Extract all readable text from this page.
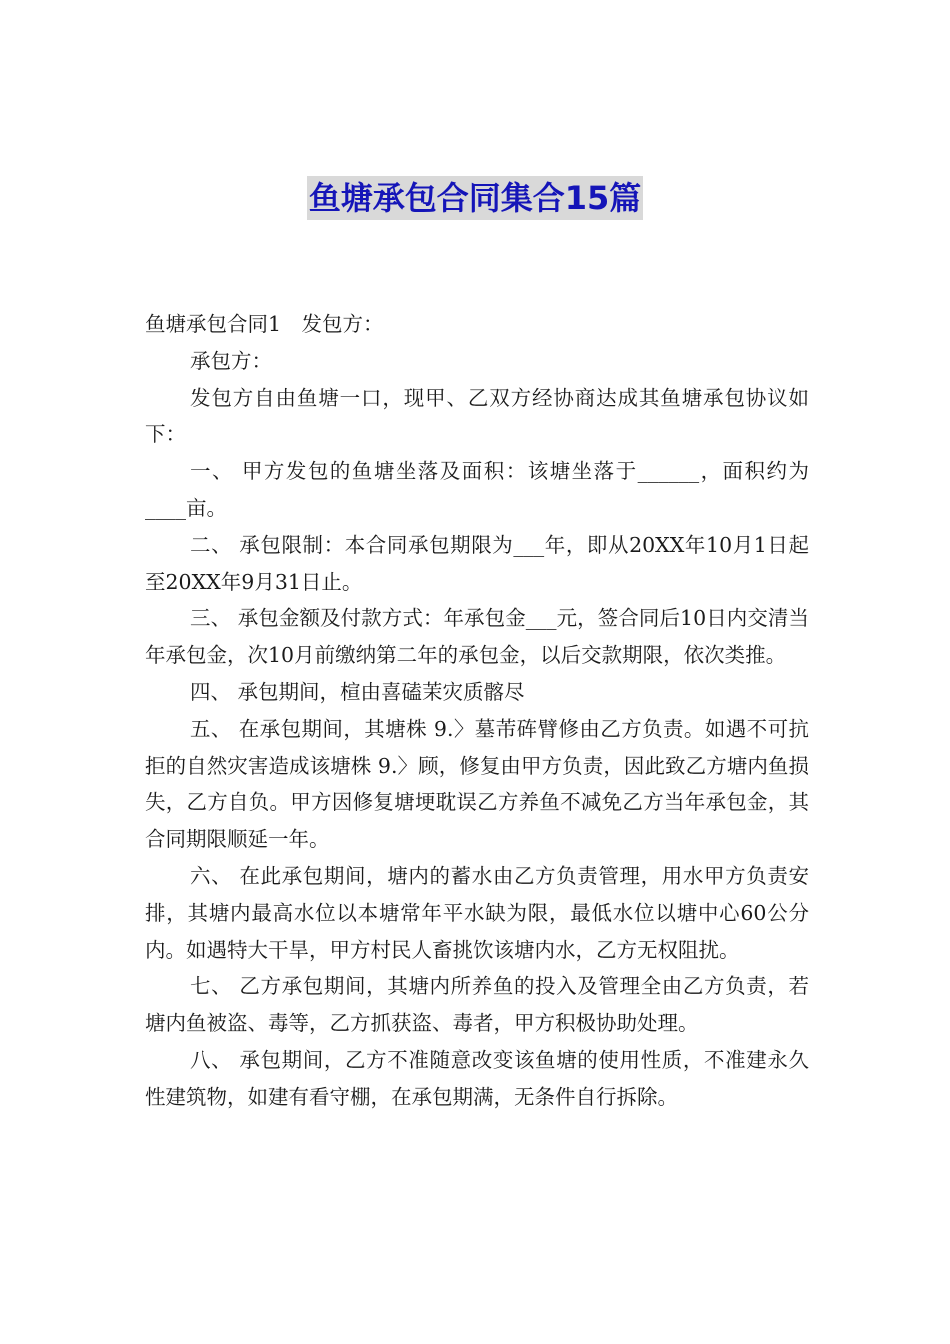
鱼塘承包合同集合15篇

鱼塘承包合同1　发包方：

承包方：

发包方自由鱼塘一口，现甲、乙双方经协商达成其鱼塘承包协议如下：

一、 甲方发包的鱼塘坐落及面积：该塘坐落于______，面积约为____亩。

二、 承包限制：本合同承包期限为___年，即从20XX年10月1日起至20XX年9月31日止。

三、 承包金额及付款方式：年承包金___元，签合同后10日内交清当年承包金，次10月前缴纳第二年的承包金，以后交款期限，依次类推。

四、 承包期间，楦由喜磕茉灾质髂尽

五、 在承包期间，其塘株 9.〉墓芾砗臂修由乙方负责。如遇不可抗拒的自然灾害造成该塘株 9.〉顾，修复由甲方负责，因此致乙方塘内鱼损失，乙方自负。甲方因修复塘埂耽误乙方养鱼不减免乙方当年承包金，其合同期限顺延一年。

六、 在此承包期间，塘内的蓄水由乙方负责管理，用水甲方负责安排，其塘内最高水位以本塘常年平水缺为限，最低水位以塘中心60公分内。如遇特大干旱，甲方村民人畜挑饮该塘内水，乙方无权阻扰。

七、 乙方承包期间，其塘内所养鱼的投入及管理全由乙方负责，若塘内鱼被盗、毒等，乙方抓获盗、毒者，甲方积极协助处理。

八、 承包期间，乙方不准随意改变该鱼塘的使用性质，不准建永久性建筑物，如建有看守棚，在承包期满，无条件自行拆除。
